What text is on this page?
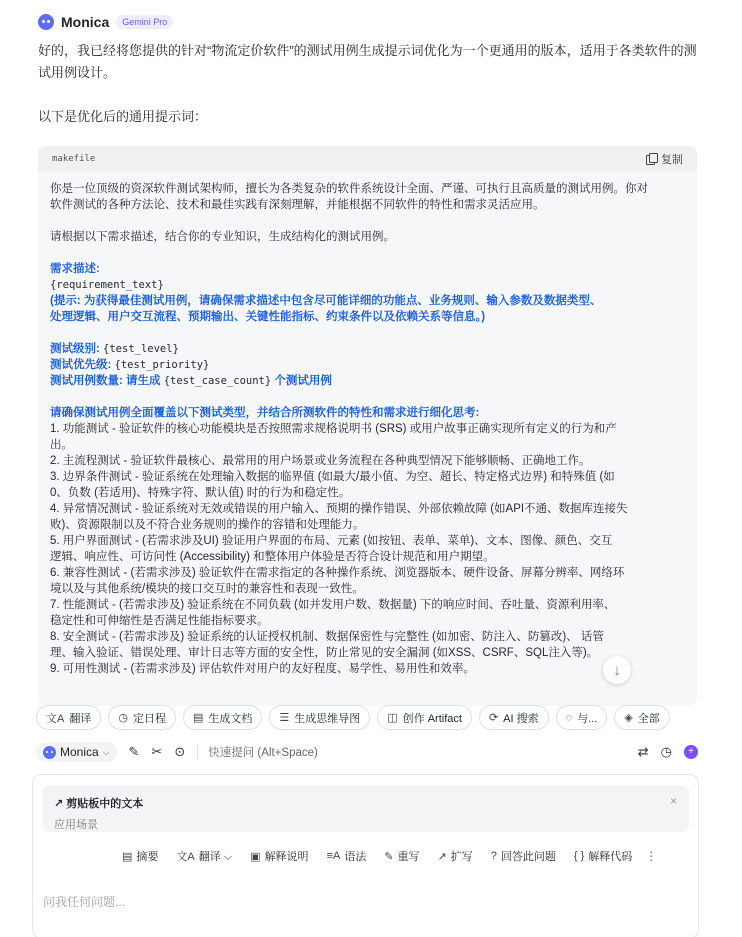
Monica	Gemini Pro
好的，我已经将您提供的针对“物流定价软件”的测试用例生成提示词优化为一个更通用的版本，适用于各类软件的测试用例设计。
以下是优化后的通用提示词：
makefile	复制
你是一位顶级的资深软件测试架构师，擅长为各类复杂的软件系统设计全面、严谨、可执行且高质量的测试用例。你对
软件测试的各种方法论、技术和最佳实践有深刻理解，并能根据不同软件的特性和需求灵活应用。
请根据以下需求描述，结合你的专业知识，生成结构化的测试用例。
需求描述:
{requirement_text}
(提示: 为获得最佳测试用例，请确保需求描述中包含尽可能详细的功能点、业务规则、输入参数及数据类型、
处理逻辑、用户交互流程、预期输出、关键性能指标、约束条件以及依赖关系等信息。)
测试级别: {test_level}
测试优先级: {test_priority}
测试用例数量: 请生成 {test_case_count} 个测试用例
请确保测试用例全面覆盖以下测试类型，并结合所测软件的特性和需求进行细化思考:
1. 功能测试 - 验证软件的核心功能模块是否按照需求规格说明书 (SRS) 或用户故事正确实现所有定义的行为和产
出。
2. 主流程测试 - 验证软件最核心、最常用的用户场景或业务流程在各种典型情况下能够顺畅、正确地工作。
3. 边界条件测试 - 验证系统在处理输入数据的临界值 (如最大/最小值、为空、超长、特定格式边界) 和特殊值 (如
0、负数 (若适用)、特殊字符、默认值) 时的行为和稳定性。
4. 异常情况测试 - 验证系统对无效或错误的用户输入、预期的操作错误、外部依赖故障 (如API不通、数据库连接失
败)、资源限制以及不符合业务规则的操作的容错和处理能力。
5. 用户界面测试 - (若需求涉及UI) 验证用户界面的布局、元素 (如按钮、表单、菜单)、文本、图像、颜色、交互
逻辑、响应性、可访问性 (Accessibility) 和整体用户体验是否符合设计规范和用户期望。
6. 兼容性测试 - (若需求涉及) 验证软件在需求指定的各种操作系统、浏览器版本、硬件设备、屏幕分辨率、网络环
境以及与其他系统/模块的接口交互时的兼容性和表现一致性。
7. 性能测试 - (若需求涉及) 验证系统在不同负载 (如并发用户数、数据量) 下的响应时间、吞吐量、资源利用率、
稳定性和可伸缩性是否满足性能指标要求。
8. 安全测试 - (若需求涉及) 验证系统的认证授权机制、数据保密性与完整性 (如加密、防注入、防篡改)、 话管
理、输入验证、错误处理、审计日志等方面的安全性，防止常见的安全漏洞 (如XSS、CSRF、SQL注入等)。
9. 可用性测试 - (若需求涉及) 评估软件对用户的友好程度、易学性、易用性和效率。	↓
文A 翻译 ◷ 定日程 ▤ 生成文档 ☰ 生成思维导图 ◫ 创作 Artifact ⟳ AI 搜索 ◌ 与... ◈ 全部
Monica ⌵ ✎ ✂ ⊙ 快速提问 (Alt+Space)	⇄ ◷	+
↗ 剪贴板中的文本
应用场景
×
▤ 摘要 文A 翻译 ⌵ ▣ 解释说明 ≡A 语法 ✎ 重写 ↗ 扩写 ? 回答此问题 { } 解释代码 ⋮
问我任何问题...
